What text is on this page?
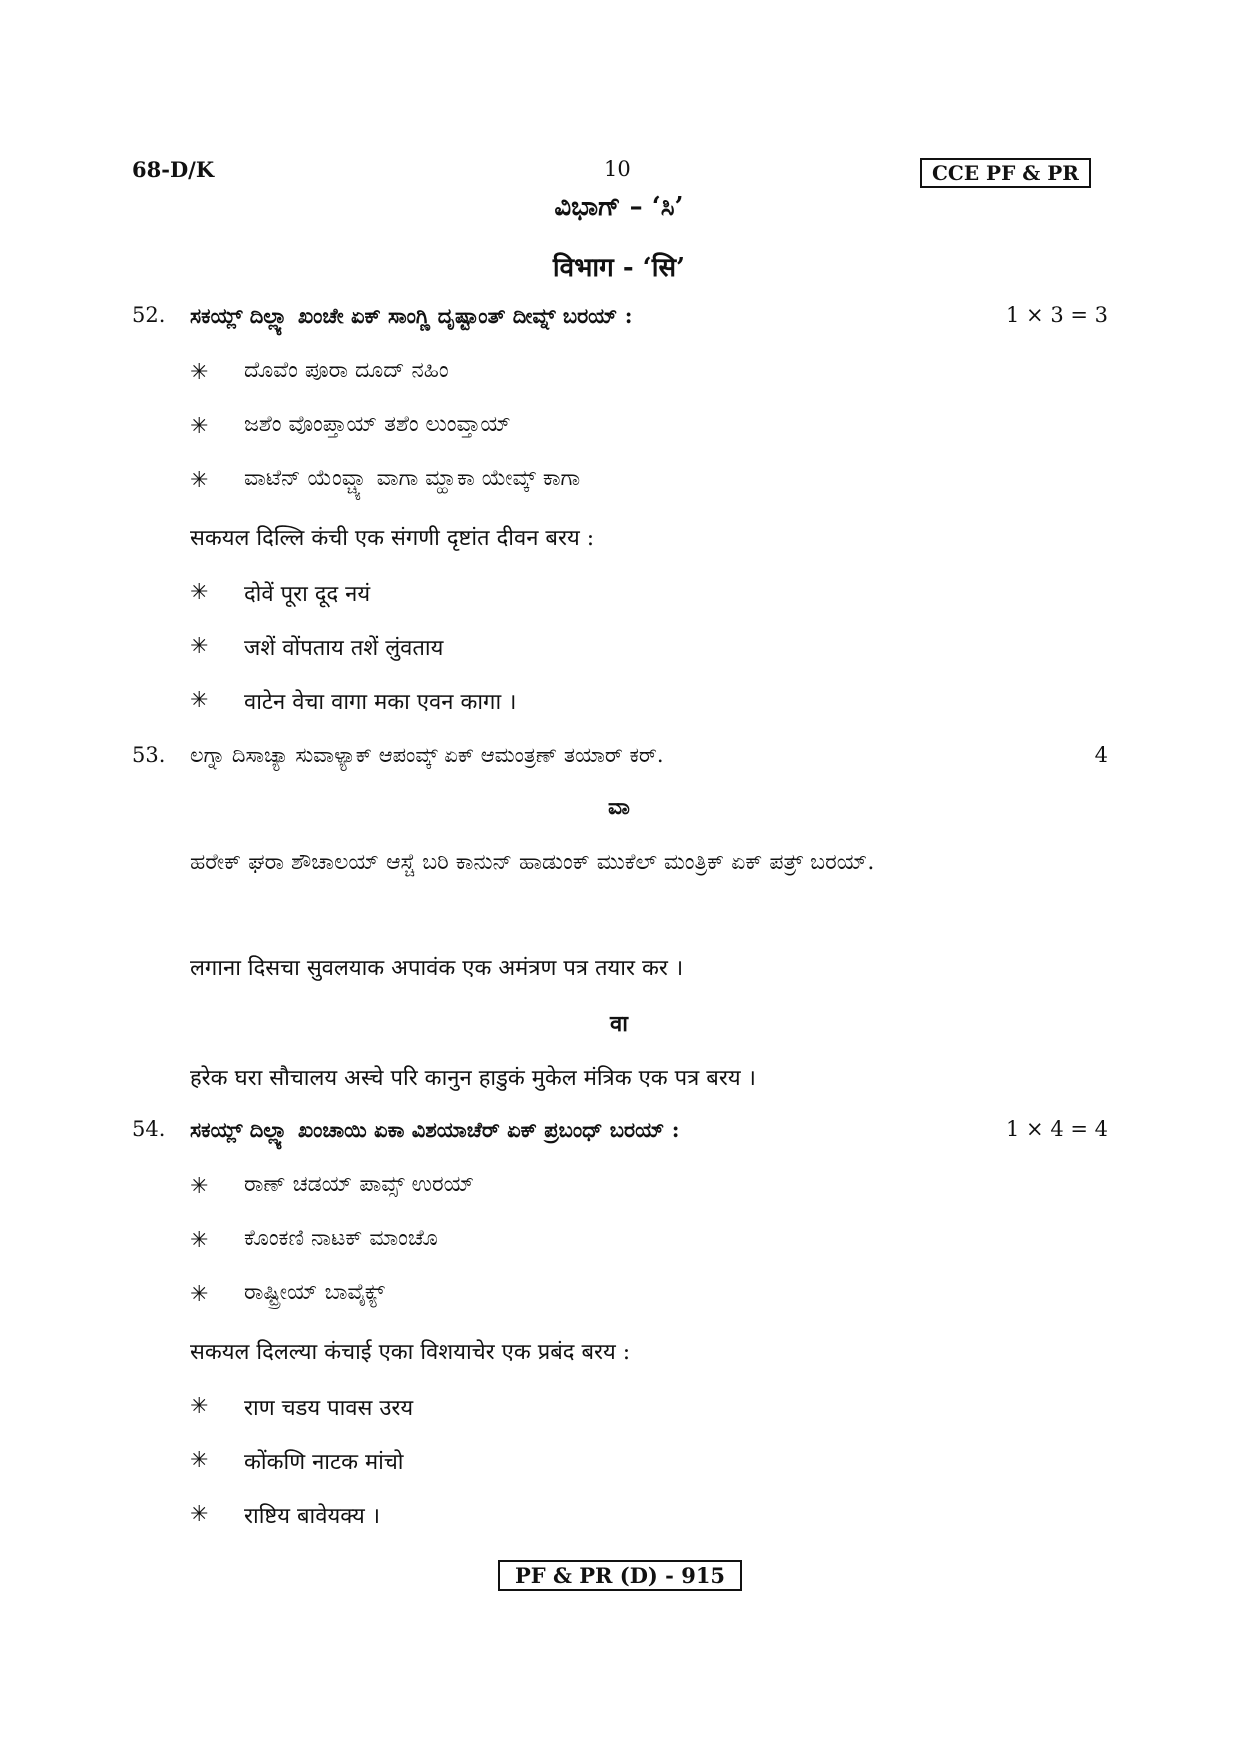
68-D/K	10	CCE PF & PR
ವಿಭಾಗ್ – ‘ಸಿ’
विभाग - ‘सि’
52. ಸಕಯ್ಲ್ ದಿಲ್ಲ್ಯಾ ಖಂಚೇ ಏಕ್ ಸಾಂಗ್ಣಿ ದೃಷ್ಟಾಂತ್ ದೀವ್ನ್ ಬರಯ್ :	1 × 3 = 3
✳ ದೊವೆಂ ಪೂರಾ ದೂದ್ ನಹಿಂ
✳ ಜಶೆಂ ವೊಂಪ್ತಾಯ್ ತಶೆಂ ಲುಂವ್ತಾಯ್
✳ ವಾಟೆನ್ ಯೆಂವ್ಚ್ಯಾ ವಾಗಾ ಮ್ಹಾಕಾ ಯೇವ್ಕ್ ಕಾಗಾ
सकयल दिल्लि कंची एक संगणी दृष्टांत दीवन बरय :
✳ दोवें पूरा दूद नयं
✳ जशें वोंपताय तशें लुंवताय
✳ वाटेन वेचा वागा मका एवन कागा ।
53. ಲಗ್ನಾ ದಿಸಾಚ್ಯಾ ಸುವಾಳ್ಯಾಕ್ ಆಪಂವ್ಕ್ ಏಕ್ ಆಮಂತ್ರಣ್ ತಯಾರ್ ಕರ್.	4
ವಾ
ಹರೇಕ್ ಘರಾ ಶೌಚಾಲಯ್ ಆಸ್ಚೆ ಬರಿ ಕಾನುನ್ ಹಾಡುಂಕ್ ಮುಕೆಲ್ ಮಂತ್ರಿಕ್ ಏಕ್ ಪತ್ರ್ ಬರಯ್.
लगाना दिसचा सुवलयाक अपावंक एक अमंत्रण पत्र तयार कर ।
वा
हरेक घरा सौचालय अस्चे परि कानुन हाडुकं मुकेल मंत्रिक एक पत्र बरय ।
54. ಸಕಯ್ಲ್ ದಿಲ್ಲ್ಯಾ ಖಂಚಾಯಿ ಏಕಾ ವಿಶಯಾಚೆರ್ ಏಕ್ ಪ್ರಬಂಧ್ ಬರಯ್ :	1 × 4 = 4
✳ ರಾಣ್ ಚಡಯ್ ಪಾವ್ಸ್ ಉರಯ್
✳ ಕೊಂಕಣಿ ನಾಟಕ್ ಮಾಂಚೊ
✳ ರಾಷ್ಟ್ರೀಯ್ ಬಾವೈಕ್ಯ್
सकयल दिलल्या कंचाई एका विशयाचेर एक प्रबंद बरय :
✳ राण चडय पावस उरय
✳ कोंकणि नाटक मांचो
✳ राष्टिय बावेयक्य ।
PF & PR (D) - 915
